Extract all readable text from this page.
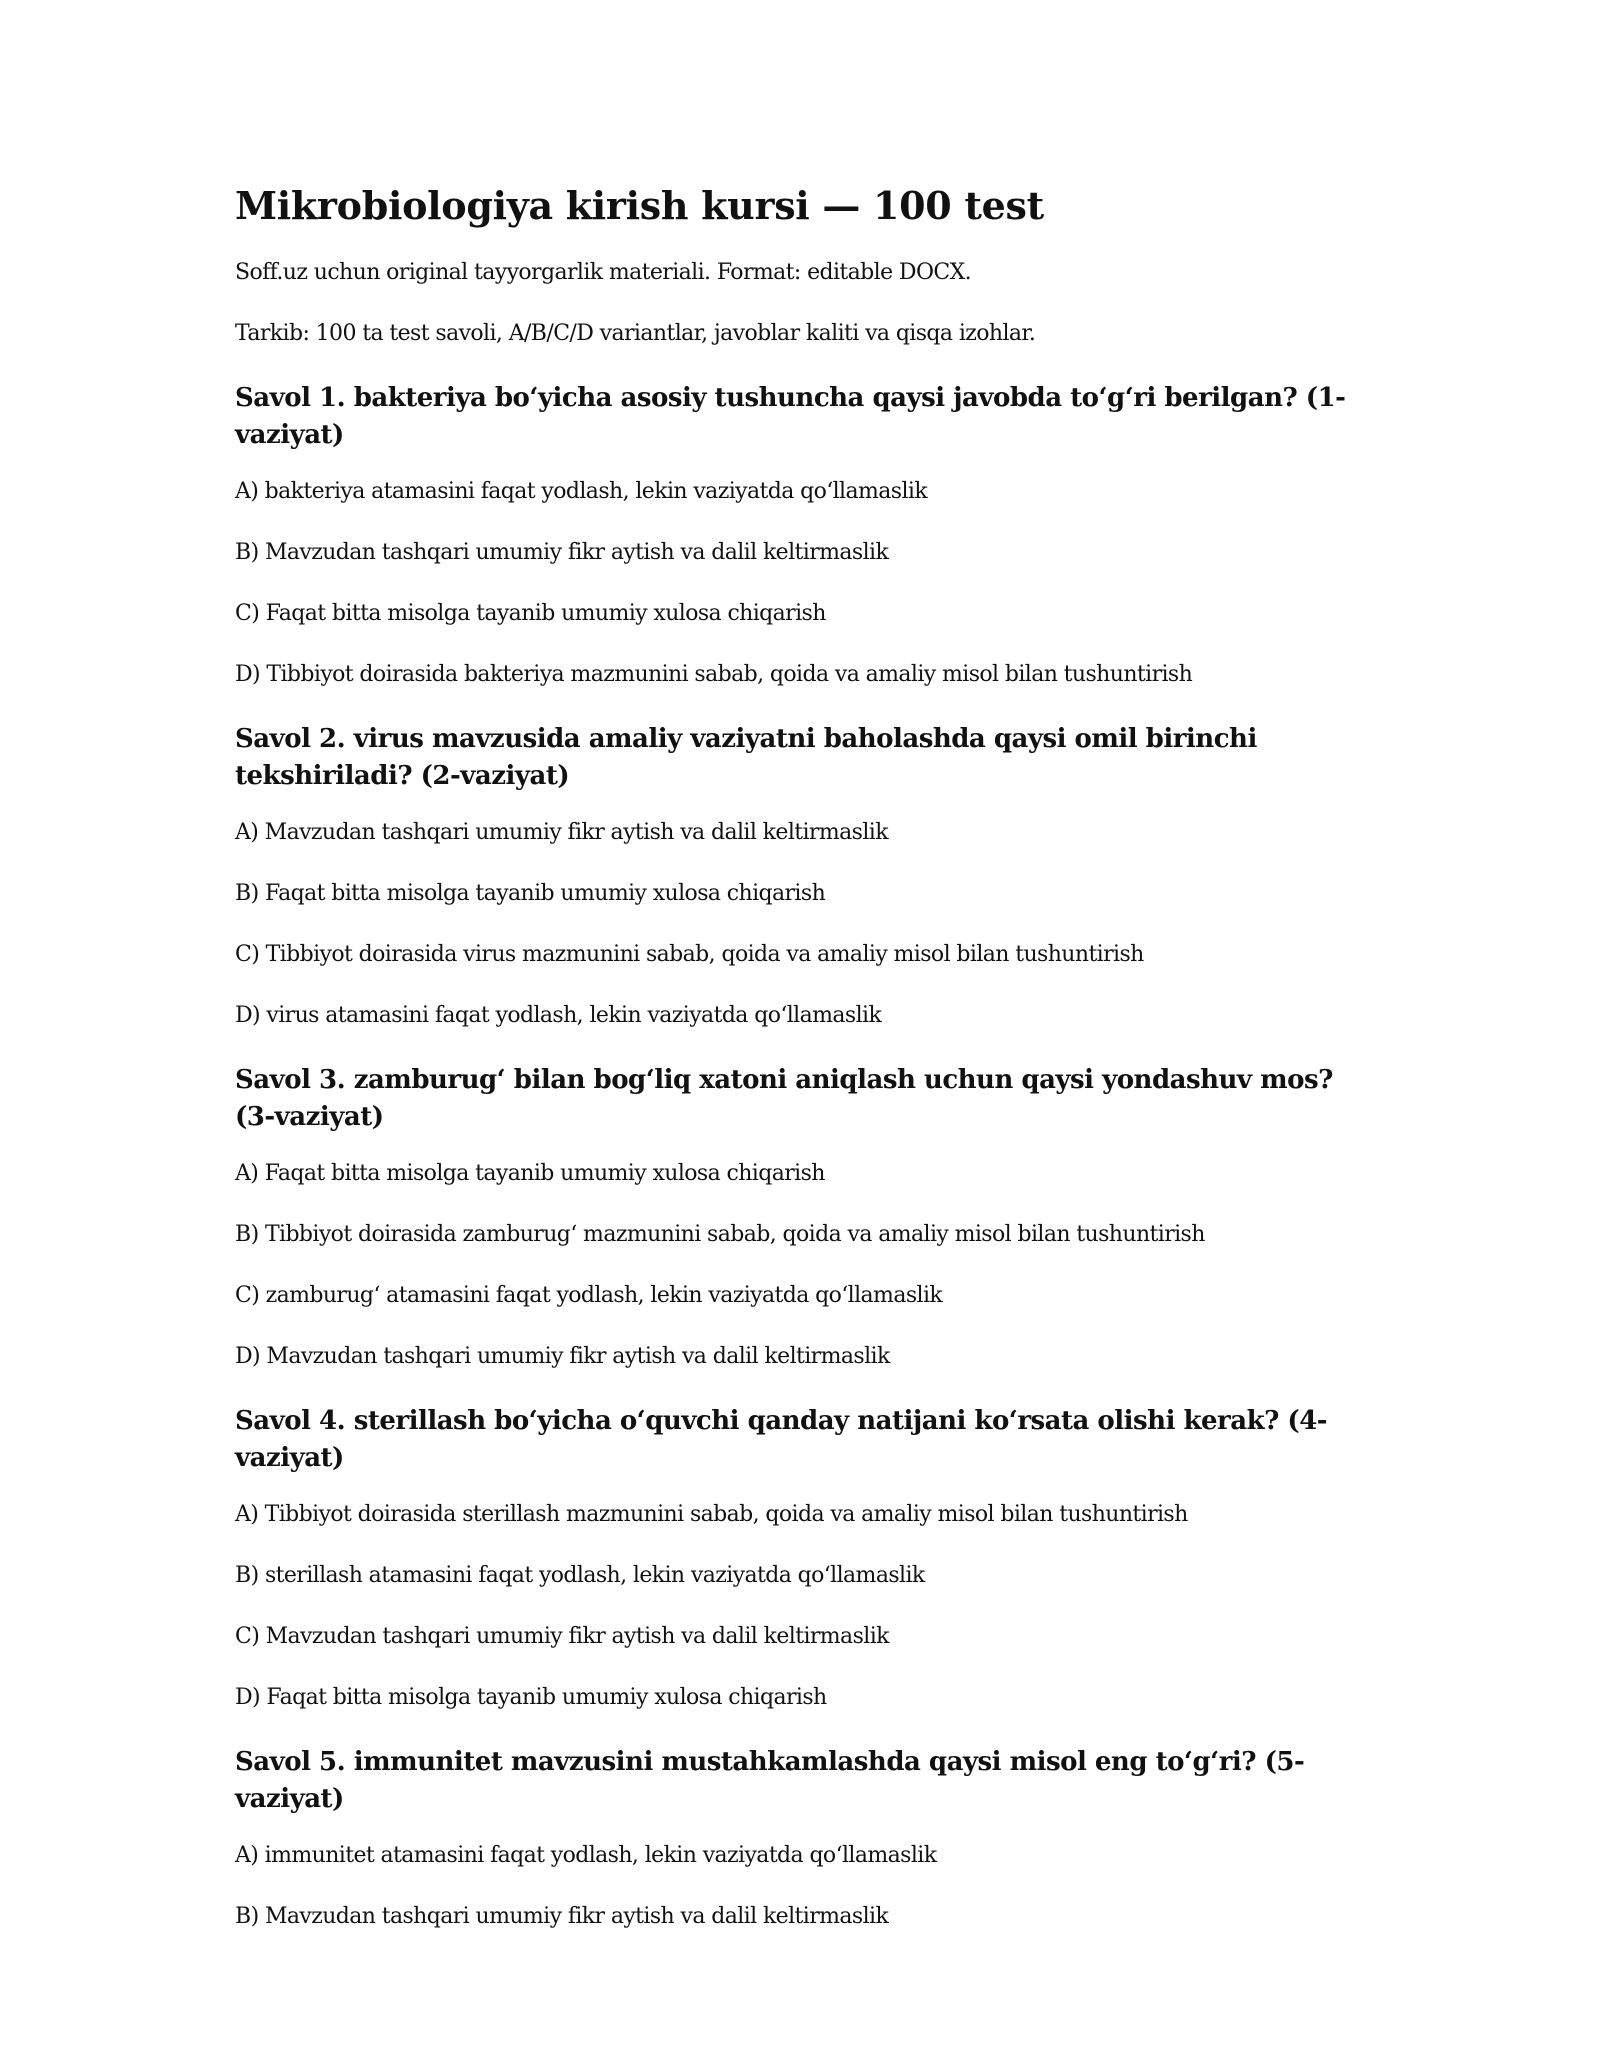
Mikrobiologiya kirish kursi — 100 test

Soff.uz uchun original tayyorgarlik materiali. Format: editable DOCX.

Tarkib: 100 ta test savoli, A/B/C/D variantlar, javoblar kaliti va qisqa izohlar.

Savol 1. bakteriya bo‘yicha asosiy tushuncha qaysi javobda to‘g‘ri berilgan? (1-vaziyat)

A) bakteriya atamasini faqat yodlash, lekin vaziyatda qo‘llamaslik

B) Mavzudan tashqari umumiy fikr aytish va dalil keltirmaslik

C) Faqat bitta misolga tayanib umumiy xulosa chiqarish

D) Tibbiyot doirasida bakteriya mazmunini sabab, qoida va amaliy misol bilan tushuntirish

Savol 2. virus mavzusida amaliy vaziyatni baholashda qaysi omil birinchi tekshiriladi? (2-vaziyat)

A) Mavzudan tashqari umumiy fikr aytish va dalil keltirmaslik

B) Faqat bitta misolga tayanib umumiy xulosa chiqarish

C) Tibbiyot doirasida virus mazmunini sabab, qoida va amaliy misol bilan tushuntirish

D) virus atamasini faqat yodlash, lekin vaziyatda qo‘llamaslik

Savol 3. zamburug‘ bilan bog‘liq xatoni aniqlash uchun qaysi yondashuv mos? (3-vaziyat)

A) Faqat bitta misolga tayanib umumiy xulosa chiqarish

B) Tibbiyot doirasida zamburug‘ mazmunini sabab, qoida va amaliy misol bilan tushuntirish

C) zamburug‘ atamasini faqat yodlash, lekin vaziyatda qo‘llamaslik

D) Mavzudan tashqari umumiy fikr aytish va dalil keltirmaslik

Savol 4. sterillash bo‘yicha o‘quvchi qanday natijani ko‘rsata olishi kerak? (4-vaziyat)

A) Tibbiyot doirasida sterillash mazmunini sabab, qoida va amaliy misol bilan tushuntirish

B) sterillash atamasini faqat yodlash, lekin vaziyatda qo‘llamaslik

C) Mavzudan tashqari umumiy fikr aytish va dalil keltirmaslik

D) Faqat bitta misolga tayanib umumiy xulosa chiqarish

Savol 5. immunitet mavzusini mustahkamlashda qaysi misol eng to‘g‘ri? (5-vaziyat)

A) immunitet atamasini faqat yodlash, lekin vaziyatda qo‘llamaslik

B) Mavzudan tashqari umumiy fikr aytish va dalil keltirmaslik
